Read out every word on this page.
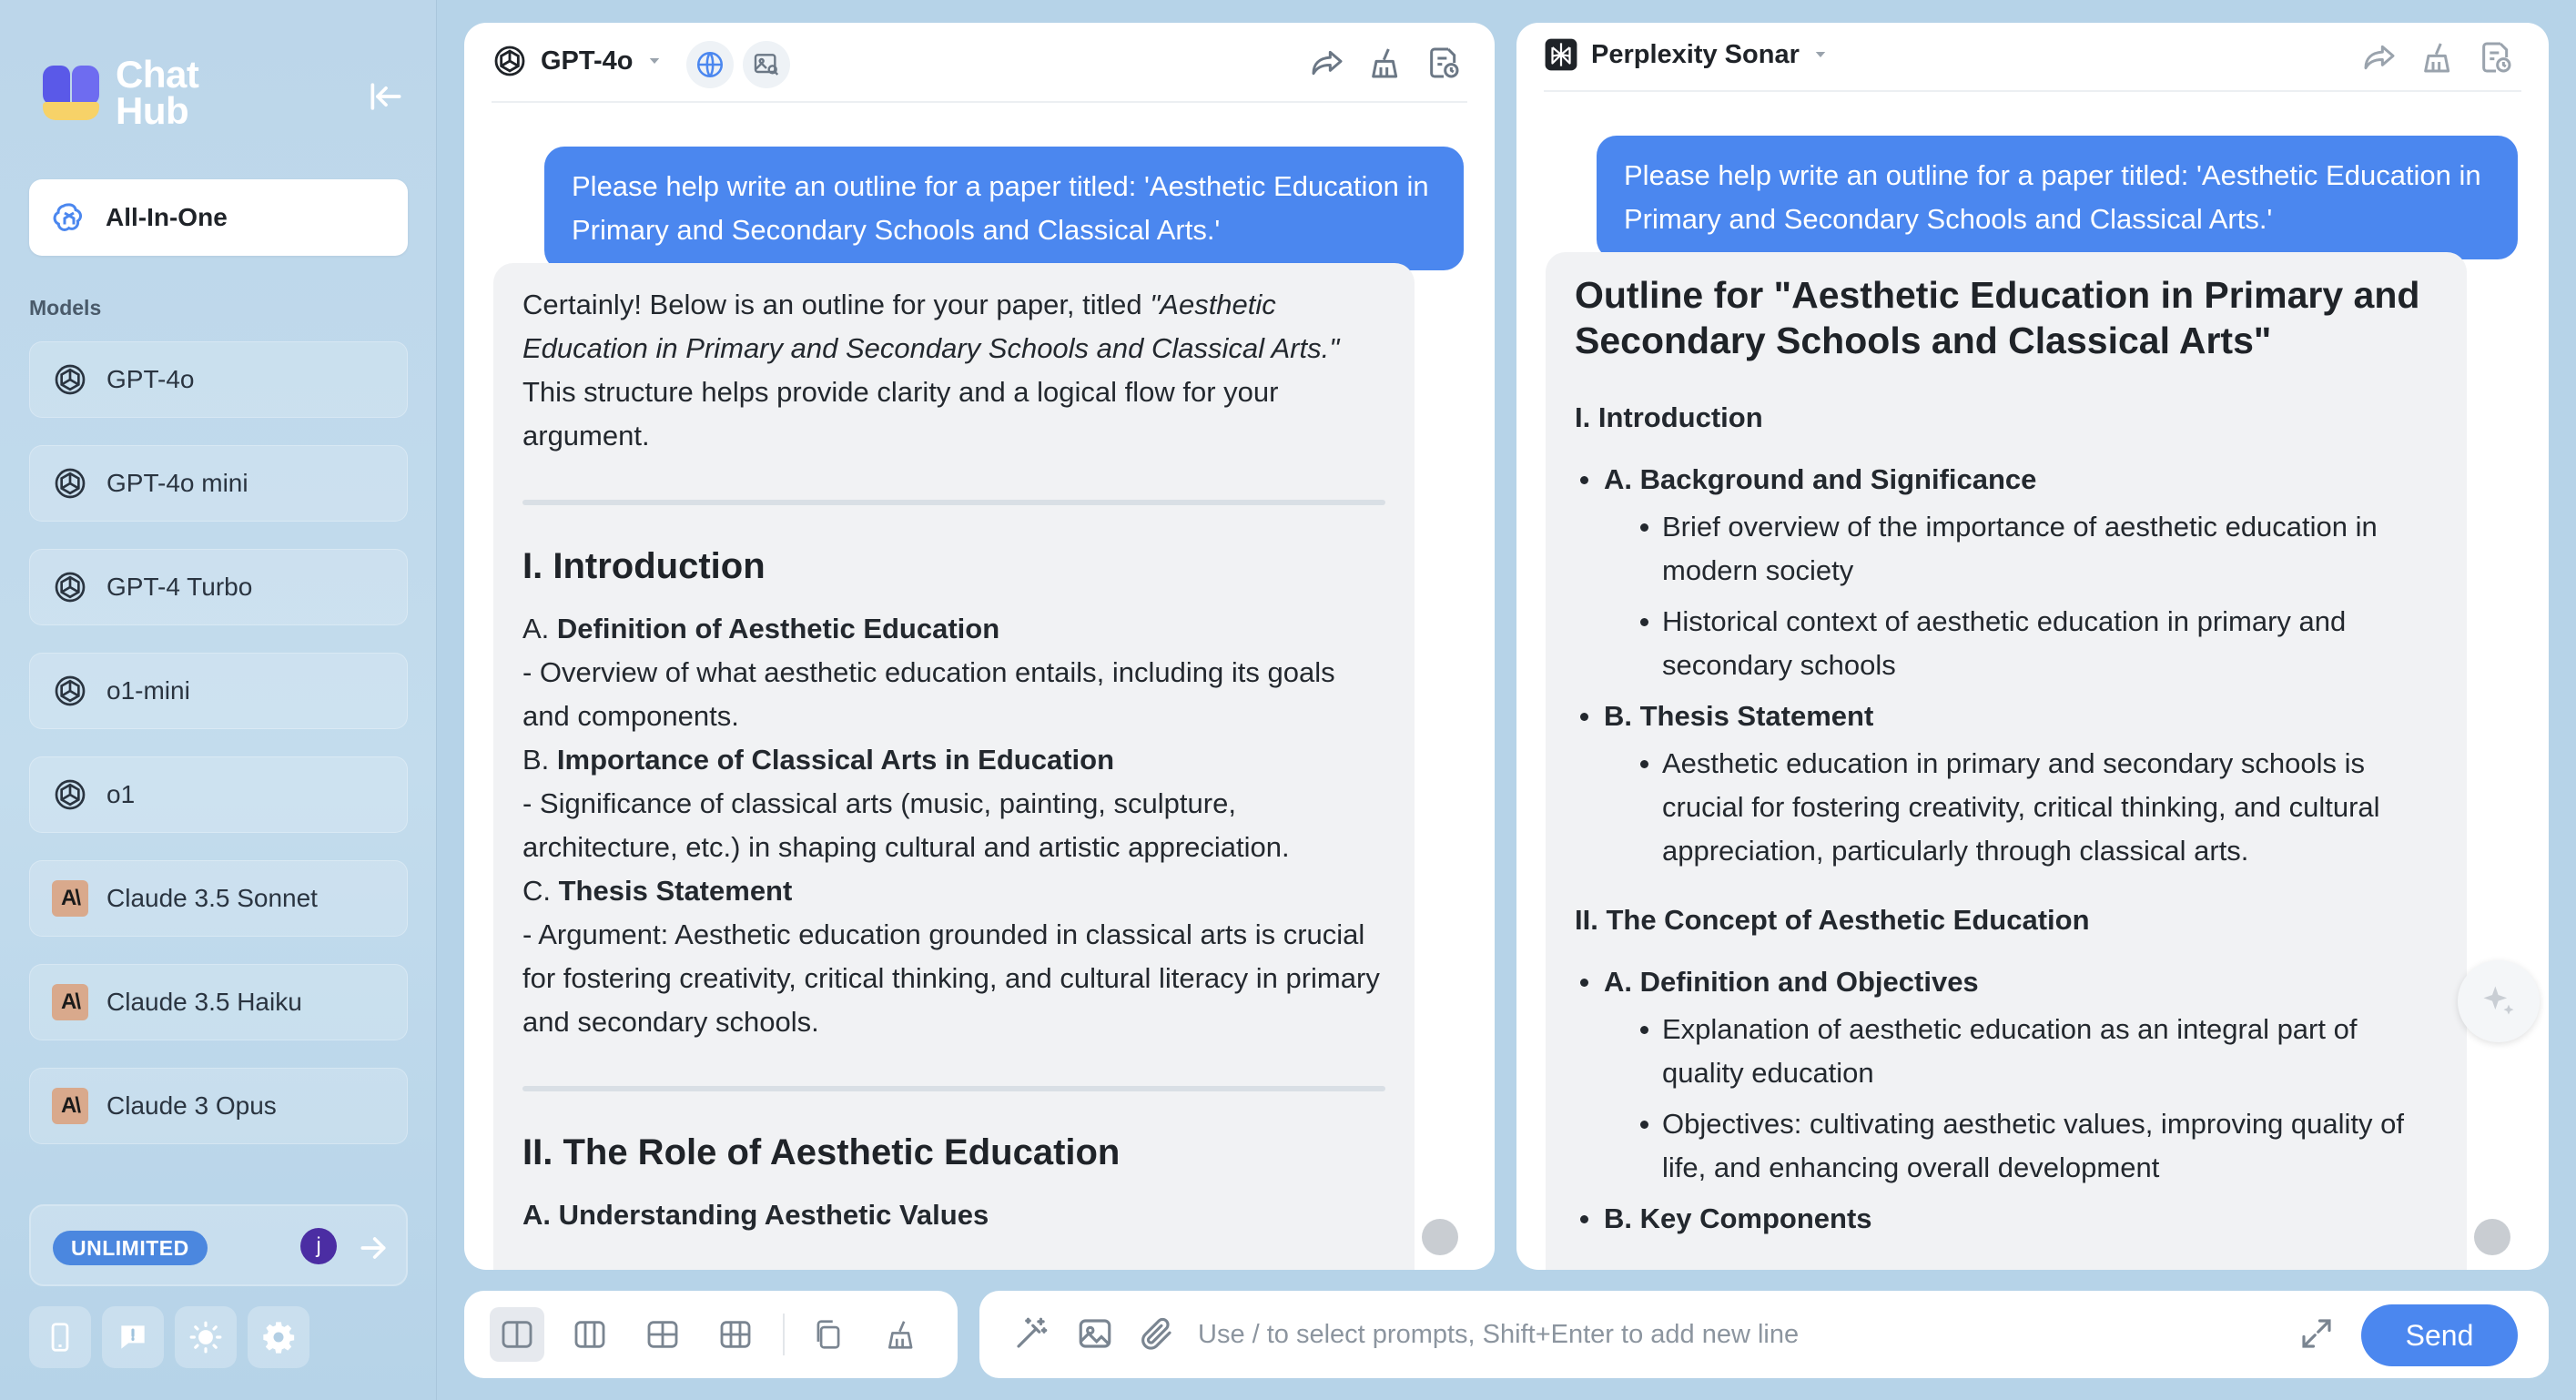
Chat
Hub
All-In-One
Models
GPT-4o
GPT-4o mini
GPT-4 Turbo
o1-mini
o1
A\	Claude 3.5 Sonnet
A\	Claude 3.5 Haiku
A\	Claude 3 Opus
UNLIMITED	j
GPT-4o
Please help write an outline for a paper titled: 'Aesthetic Education in Primary and Secondary Schools and Classical Arts.'

Certainly! Below is an outline for your paper, titled "Aesthetic Education in Primary and Secondary Schools and Classical Arts." This structure helps provide clarity and a logical flow for your argument.

I. Introduction

A. Definition of Aesthetic Education

- Overview of what aesthetic education entails, including its goals and components.

B. Importance of Classical Arts in Education

- Significance of classical arts (music, painting, sculpture, architecture, etc.) in shaping cultural and artistic appreciation.

C. Thesis Statement

- Argument: Aesthetic education grounded in classical arts is crucial for fostering creativity, critical thinking, and cultural literacy in primary and secondary schools.

II. The Role of Aesthetic Education

A. Understanding Aesthetic Values

Perplexity Sonar
Please help write an outline for a paper titled: 'Aesthetic Education in Primary and Secondary Schools and Classical Arts.'
Outline for "Aesthetic Education in Primary and Secondary Schools and Classical Arts"
I. Introduction
A. Background and Significance
Brief overview of the importance of aesthetic education in modern society
Historical context of aesthetic education in primary and secondary schools
B. Thesis Statement
Aesthetic education in primary and secondary schools is crucial for fostering creativity, critical thinking, and cultural appreciation, particularly through classical arts.
II. The Concept of Aesthetic Education
A. Definition and Objectives
Explanation of aesthetic education as an integral part of quality education
Objectives: cultivating aesthetic values, improving quality of life, and enhancing overall development
B. Key Components
Use / to select prompts, Shift+Enter to add new line
Send
